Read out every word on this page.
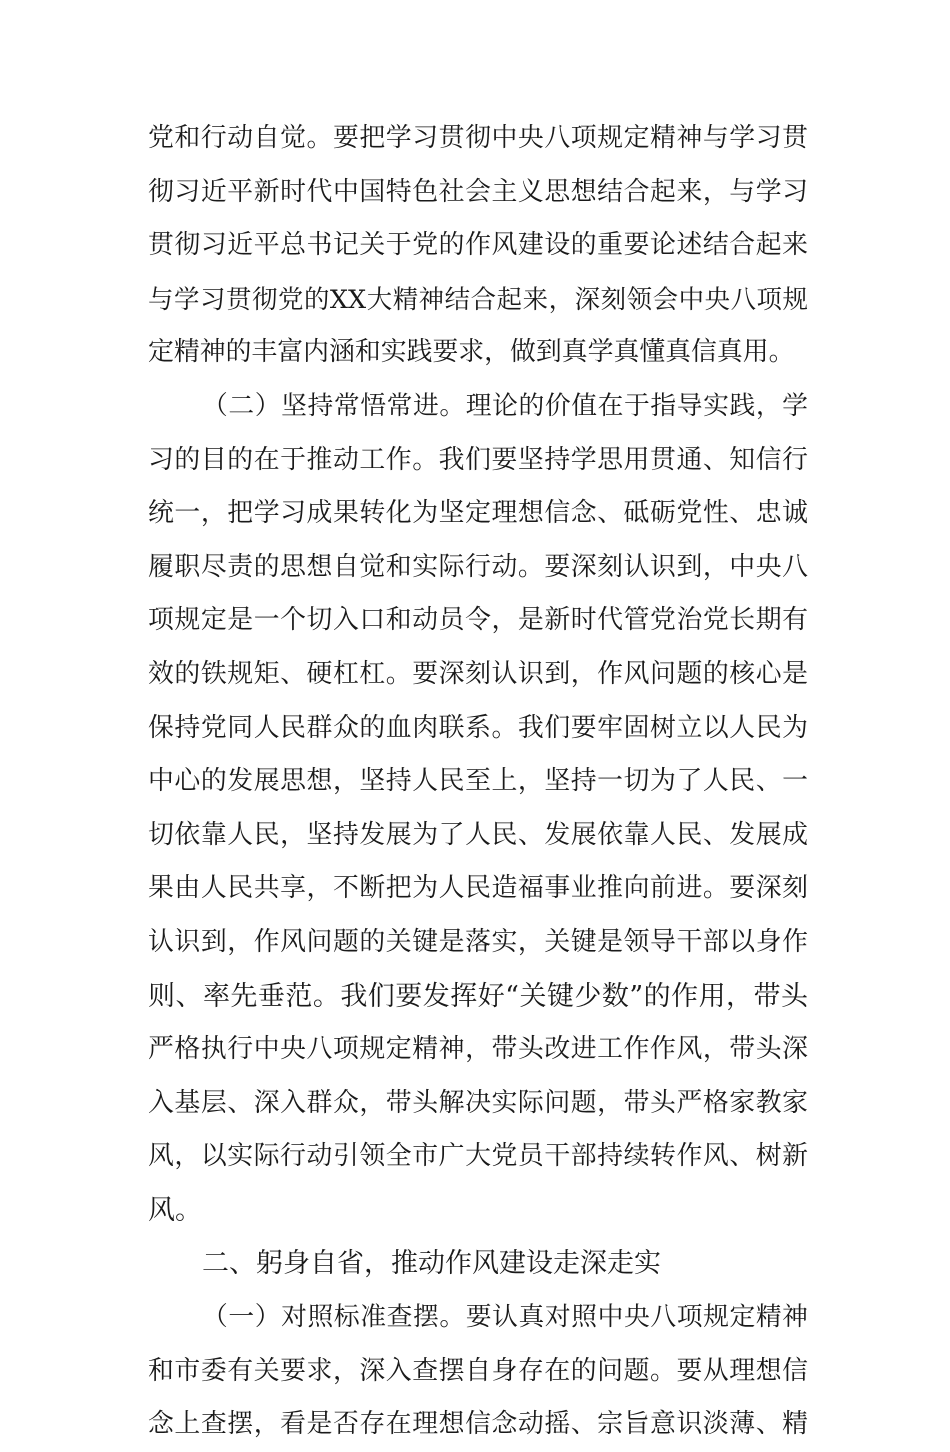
党和行动自觉。要把学习贯彻中央八项规定精神与学习贯
彻习近平新时代中国特色社会主义思想结合起来，与学习
贯彻习近平总书记关于党的作风建设的重要论述结合起来
与学习贯彻党的XX大精神结合起来，深刻领会中央八项规
定精神的丰富内涵和实践要求，做到真学真懂真信真用。
（二）坚持常悟常进。理论的价值在于指导实践，学
习的目的在于推动工作。我们要坚持学思用贯通、知信行
统一，把学习成果转化为坚定理想信念、砥砺党性、忠诚
履职尽责的思想自觉和实际行动。要深刻认识到，中央八
项规定是一个切入口和动员令，是新时代管党治党长期有
效的铁规矩、硬杠杠。要深刻认识到，作风问题的核心是
保持党同人民群众的血肉联系。我们要牢固树立以人民为
中心的发展思想，坚持人民至上，坚持一切为了人民、一
切依靠人民，坚持发展为了人民、发展依靠人民、发展成
果由人民共享，不断把为人民造福事业推向前进。要深刻
认识到，作风问题的关键是落实，关键是领导干部以身作
则、率先垂范。我们要发挥好“关键少数”的作用，带头
严格执行中央八项规定精神，带头改进工作作风，带头深
入基层、深入群众，带头解决实际问题，带头严格家教家
风，以实际行动引领全市广大党员干部持续转作风、树新
风。
二、躬身自省，推动作风建设走深走实
（一）对照标准查摆。要认真对照中央八项规定精神
和市委有关要求，深入查摆自身存在的问题。要从理想信
念上查摆，看是否存在理想信念动摇、宗旨意识淡薄、精
